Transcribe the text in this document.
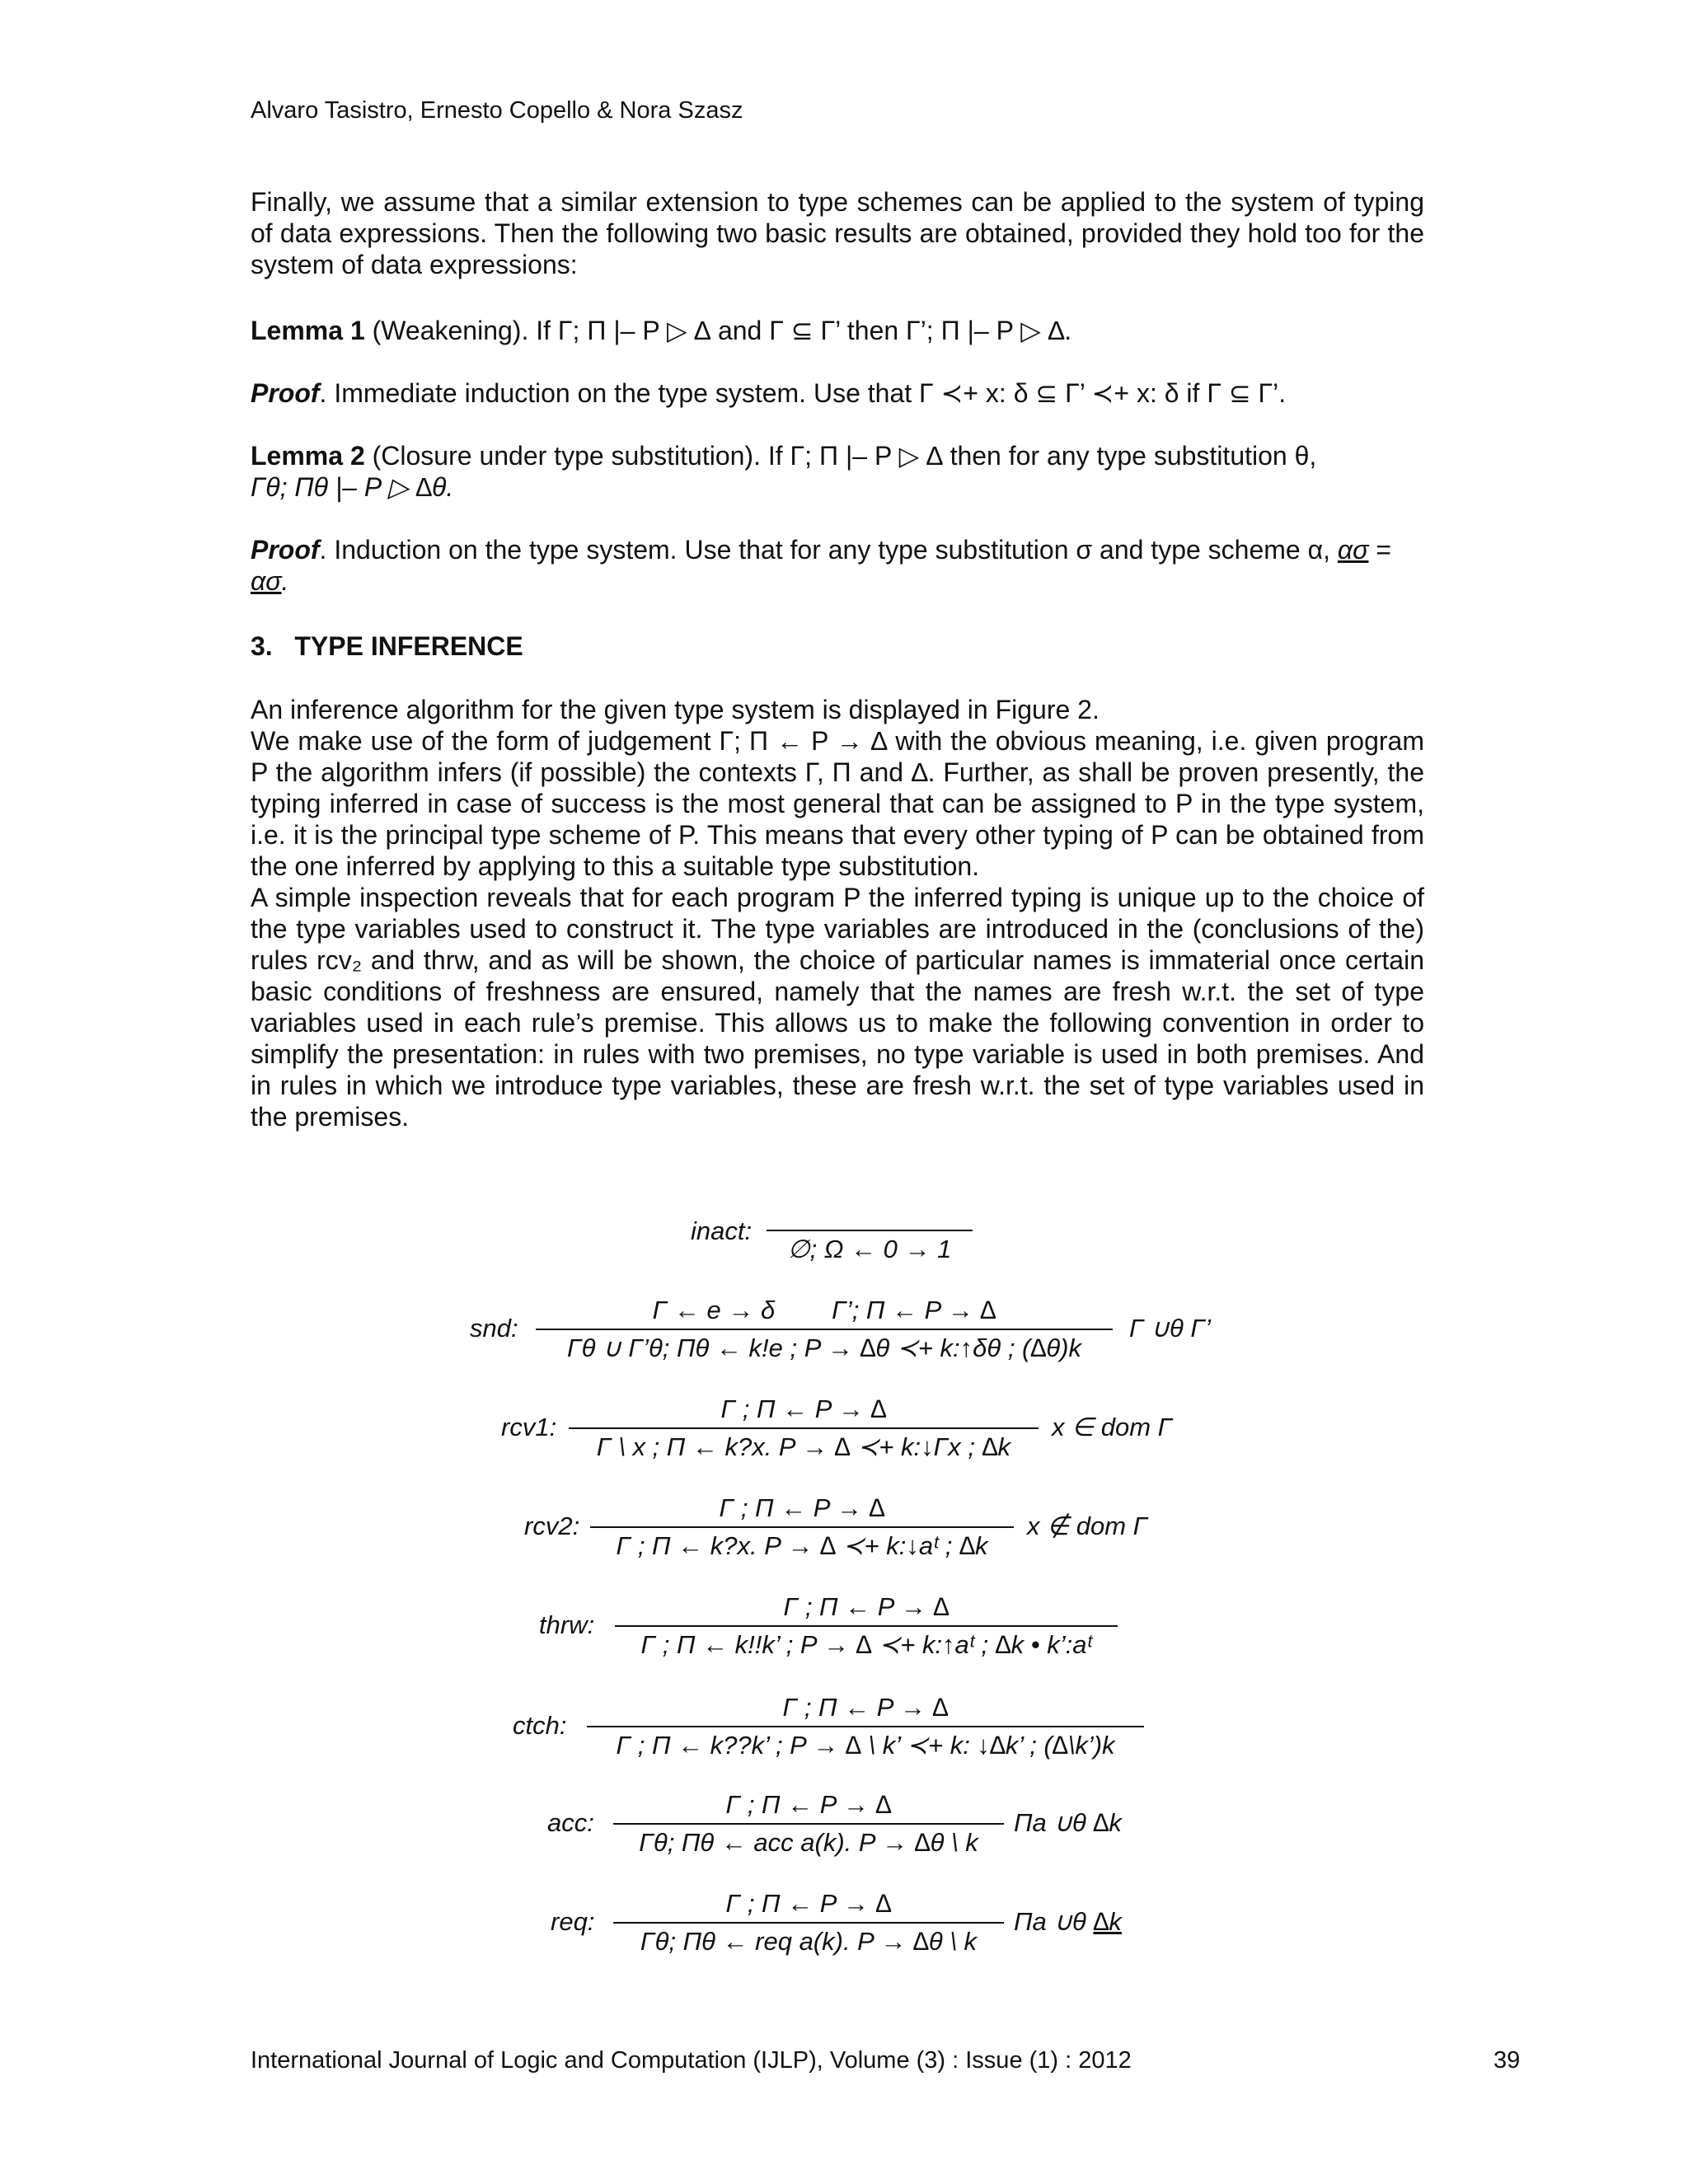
Alvaro Tasistro, Ernesto Copello & Nora Szasz
Finally, we assume that a similar extension to type schemes can be applied to the system of typing of data expressions. Then the following two basic results are obtained, provided they hold too for the system of data expressions:
Lemma 1 (Weakening). If Γ; Π |– P ▷ ∆ and Γ ⊆ Γ’ then Γ’; Π |– P ▷ ∆.
Proof. Immediate induction on the type system. Use that Γ ≺+ x: δ ⊆ Γ’ ≺+ x: δ if Γ ⊆ Γ’.
Lemma 2 (Closure under type substitution). If Γ; Π |– P ▷ ∆ then for any type substitution θ,
Γθ; Πθ |– P ▷ ∆θ.
Proof. Induction on the type system. Use that for any type substitution σ and type scheme α, ασ =
ασ.
3. TYPE INFERENCE
An inference algorithm for the given type system is displayed in Figure 2.
We make use of the form of judgement Γ; Π ← P → ∆ with the obvious meaning, i.e. given program P the algorithm infers (if possible) the contexts Γ, Π and ∆. Further, as shall be proven presently, the typing inferred in case of success is the most general that can be assigned to P in the type system, i.e. it is the principal type scheme of P. This means that every other typing of P can be obtained from the one inferred by applying to this a suitable type substitution.
A simple inspection reveals that for each program P the inferred typing is unique up to the choice of the type variables used to construct it. The type variables are introduced in the (conclusions of the) rules rcv₂ and thrw, and as will be shown, the choice of particular names is immaterial once certain basic conditions of freshness are ensured, namely that the names are fresh w.r.t. the set of type variables used in each rule’s premise. This allows us to make the following convention in order to simplify the presentation: in rules with two premises, no type variable is used in both premises. And in rules in which we introduce type variables, these are fresh w.r.t. the set of type variables used in the premises.
inact:
∅; Ω ← 0 → 1
snd:
Γ ← e → δ        Γ’; Π ← P → ∆
Γθ ∪ Γ’θ; Πθ ← k!e ; P → ∆θ ≺+ k:↑δθ ; (∆θ)k
Γ ∪θ Γ’
rcv1:
Γ ; Π ← P → ∆
Γ \ x ; Π ← k?x. P → ∆ ≺+ k:↓Γx ; ∆k
x ∈ dom Γ
rcv2:
Γ ; Π ← P → ∆
Γ ; Π ← k?x. P → ∆ ≺+ k:↓aᵗ ; ∆k
x ∉ dom Γ
thrw:
Γ ; Π ← P → ∆
Γ ; Π ← k!!k’ ; P → ∆ ≺+ k:↑aᵗ ; ∆k • k’:aᵗ
ctch:
Γ ; Π ← P → ∆
Γ ; Π ← k??k’ ; P → ∆ \ k’ ≺+ k: ↓∆k’ ; (∆\k’)k
acc:
Γ ; Π ← P → ∆
Γθ; Πθ ← acc a(k). P → ∆θ \ k
Πa ∪θ ∆k
req:
Γ ; Π ← P → ∆
Γθ; Πθ ← req a(k). P → ∆θ \ k
Πa ∪θ ∆k
International Journal of Logic and Computation (IJLP), Volume (3) : Issue (1) : 2012	39
